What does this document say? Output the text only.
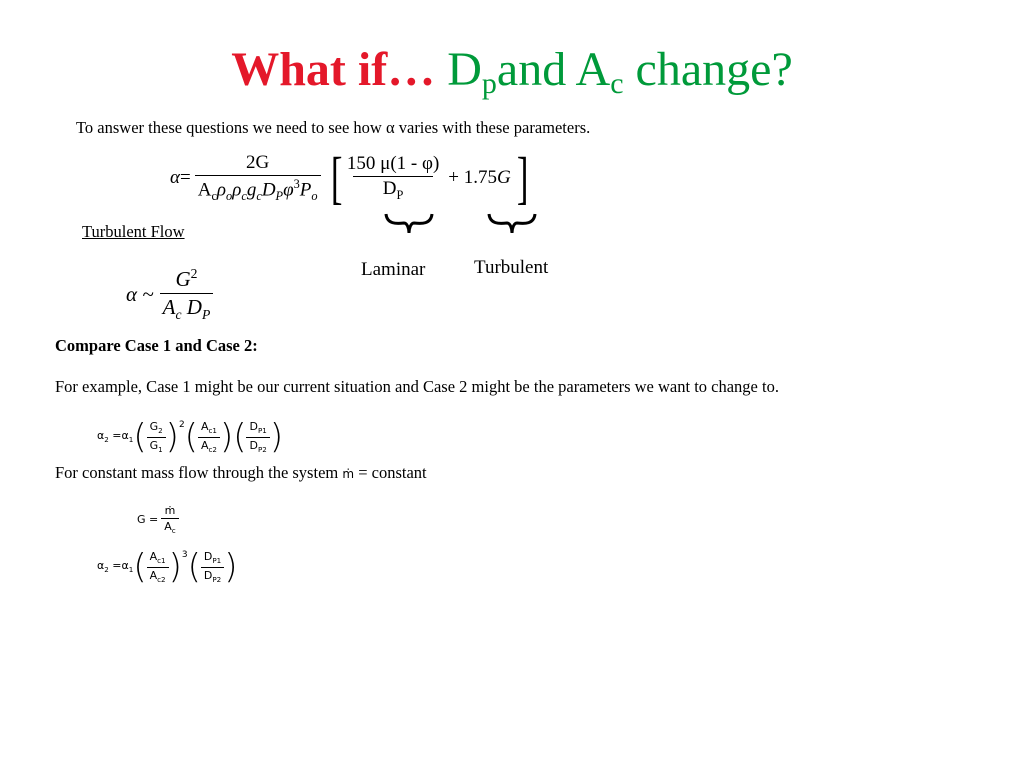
What if… $D_pand$ $A_c$ change?
To answer these questions we need to see how α varies with these parameters.
$\alpha = \frac{2G}{A_c\rho_o\rho_cg_cD_P\varphi^3P_o}$ [ $\frac{150 \mu(1 - \varphi)}{D_P} + 1.75$ G ]
Laminar	Turbulent
Turbulent Flow
α ~ $\frac{G^2}{A_c D_P}$
Compare Case 1 and Case 2:
For example, Case 1 might be our current situation and Case 2 might be the parameters we want to change to.
$\alpha_2 =\alpha_1$ ( $\frac{G_2}{G_1} )^2$ ( $\frac{A_{c1}}{A_{c2}}$ ) ( $\frac{D_{P1}}{D_{P2}}$ )
For constant mass flow through the system ṁ = constant
$G = \frac{\text{ṁ}}{A_c}$
$\alpha_2 =\alpha_1$ ( $\frac{A_{c1}}{A_{c2}} )^3$ ( $\frac{D_{P1}}{D_{P2}}$ )
